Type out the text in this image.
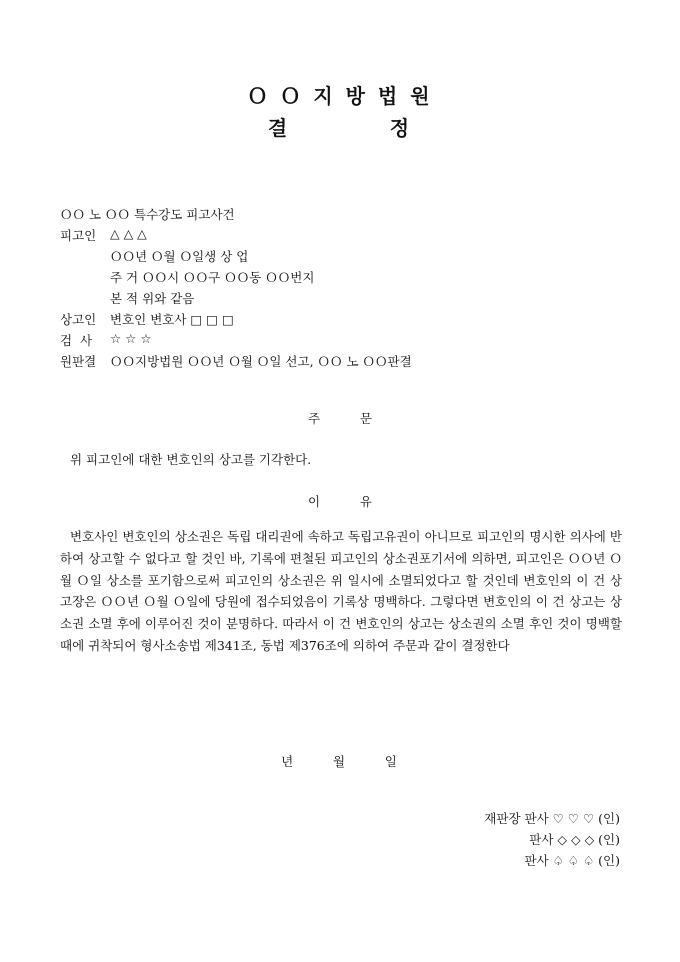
Ｏ Ｏ 지 방 법 원
결          정
ＯＯ 노 ＯＯ 특수강도 피고사건
피고인 △ △ △
ＯＯ년 Ｏ월 Ｏ일생 상 업
주 거 ＯＯ시 ＯＯ구 ＯＯ동 ＯＯ번지
본 적 위와 같음
상고인 변호인 변호사 □ □ □
검  사 ☆ ☆ ☆
원판결 ＯＯ지방법원 ＯＯ년 Ｏ월 Ｏ일 선고, ＯＯ 노 ＯＯ판결
주          문
위 피고인에 대한 변호인의 상고를 기각한다.
이          유
변호사인 변호인의 상소권은 독립 대리권에 속하고 독립고유권이 아니므로 피고인의 명시한 의사에 반하여 상고할 수 없다고 할 것인 바, 기록에 편철된 피고인의 상소권포기서에 의하면, 피고인은 ＯＯ년 Ｏ월 Ｏ일 상소를 포기함으로써 피고인의 상소권은 위 일시에 소멸되었다고 할 것인데 변호인의 이 건 상고장은 ＯＯ년 Ｏ월 Ｏ일에 당원에 접수되었음이 기록상 명백하다. 그렇다면 변호인의 이 건 상고는 상소권 소멸 후에 이루어진 것이 분명하다. 따라서 이 건 변호인의 상고는 상소권의 소멸 후인 것이 명백할 때에 귀착되어 형사소송법 제341조, 동법 제376조에 의하여 주문과 같이 결정한다
년          월          일
재판장 판사 ♡ ♡ ♡ (인)
판사 ◇ ◇ ◇ (인)
판사 ♤ ♤ ♤ (인)
